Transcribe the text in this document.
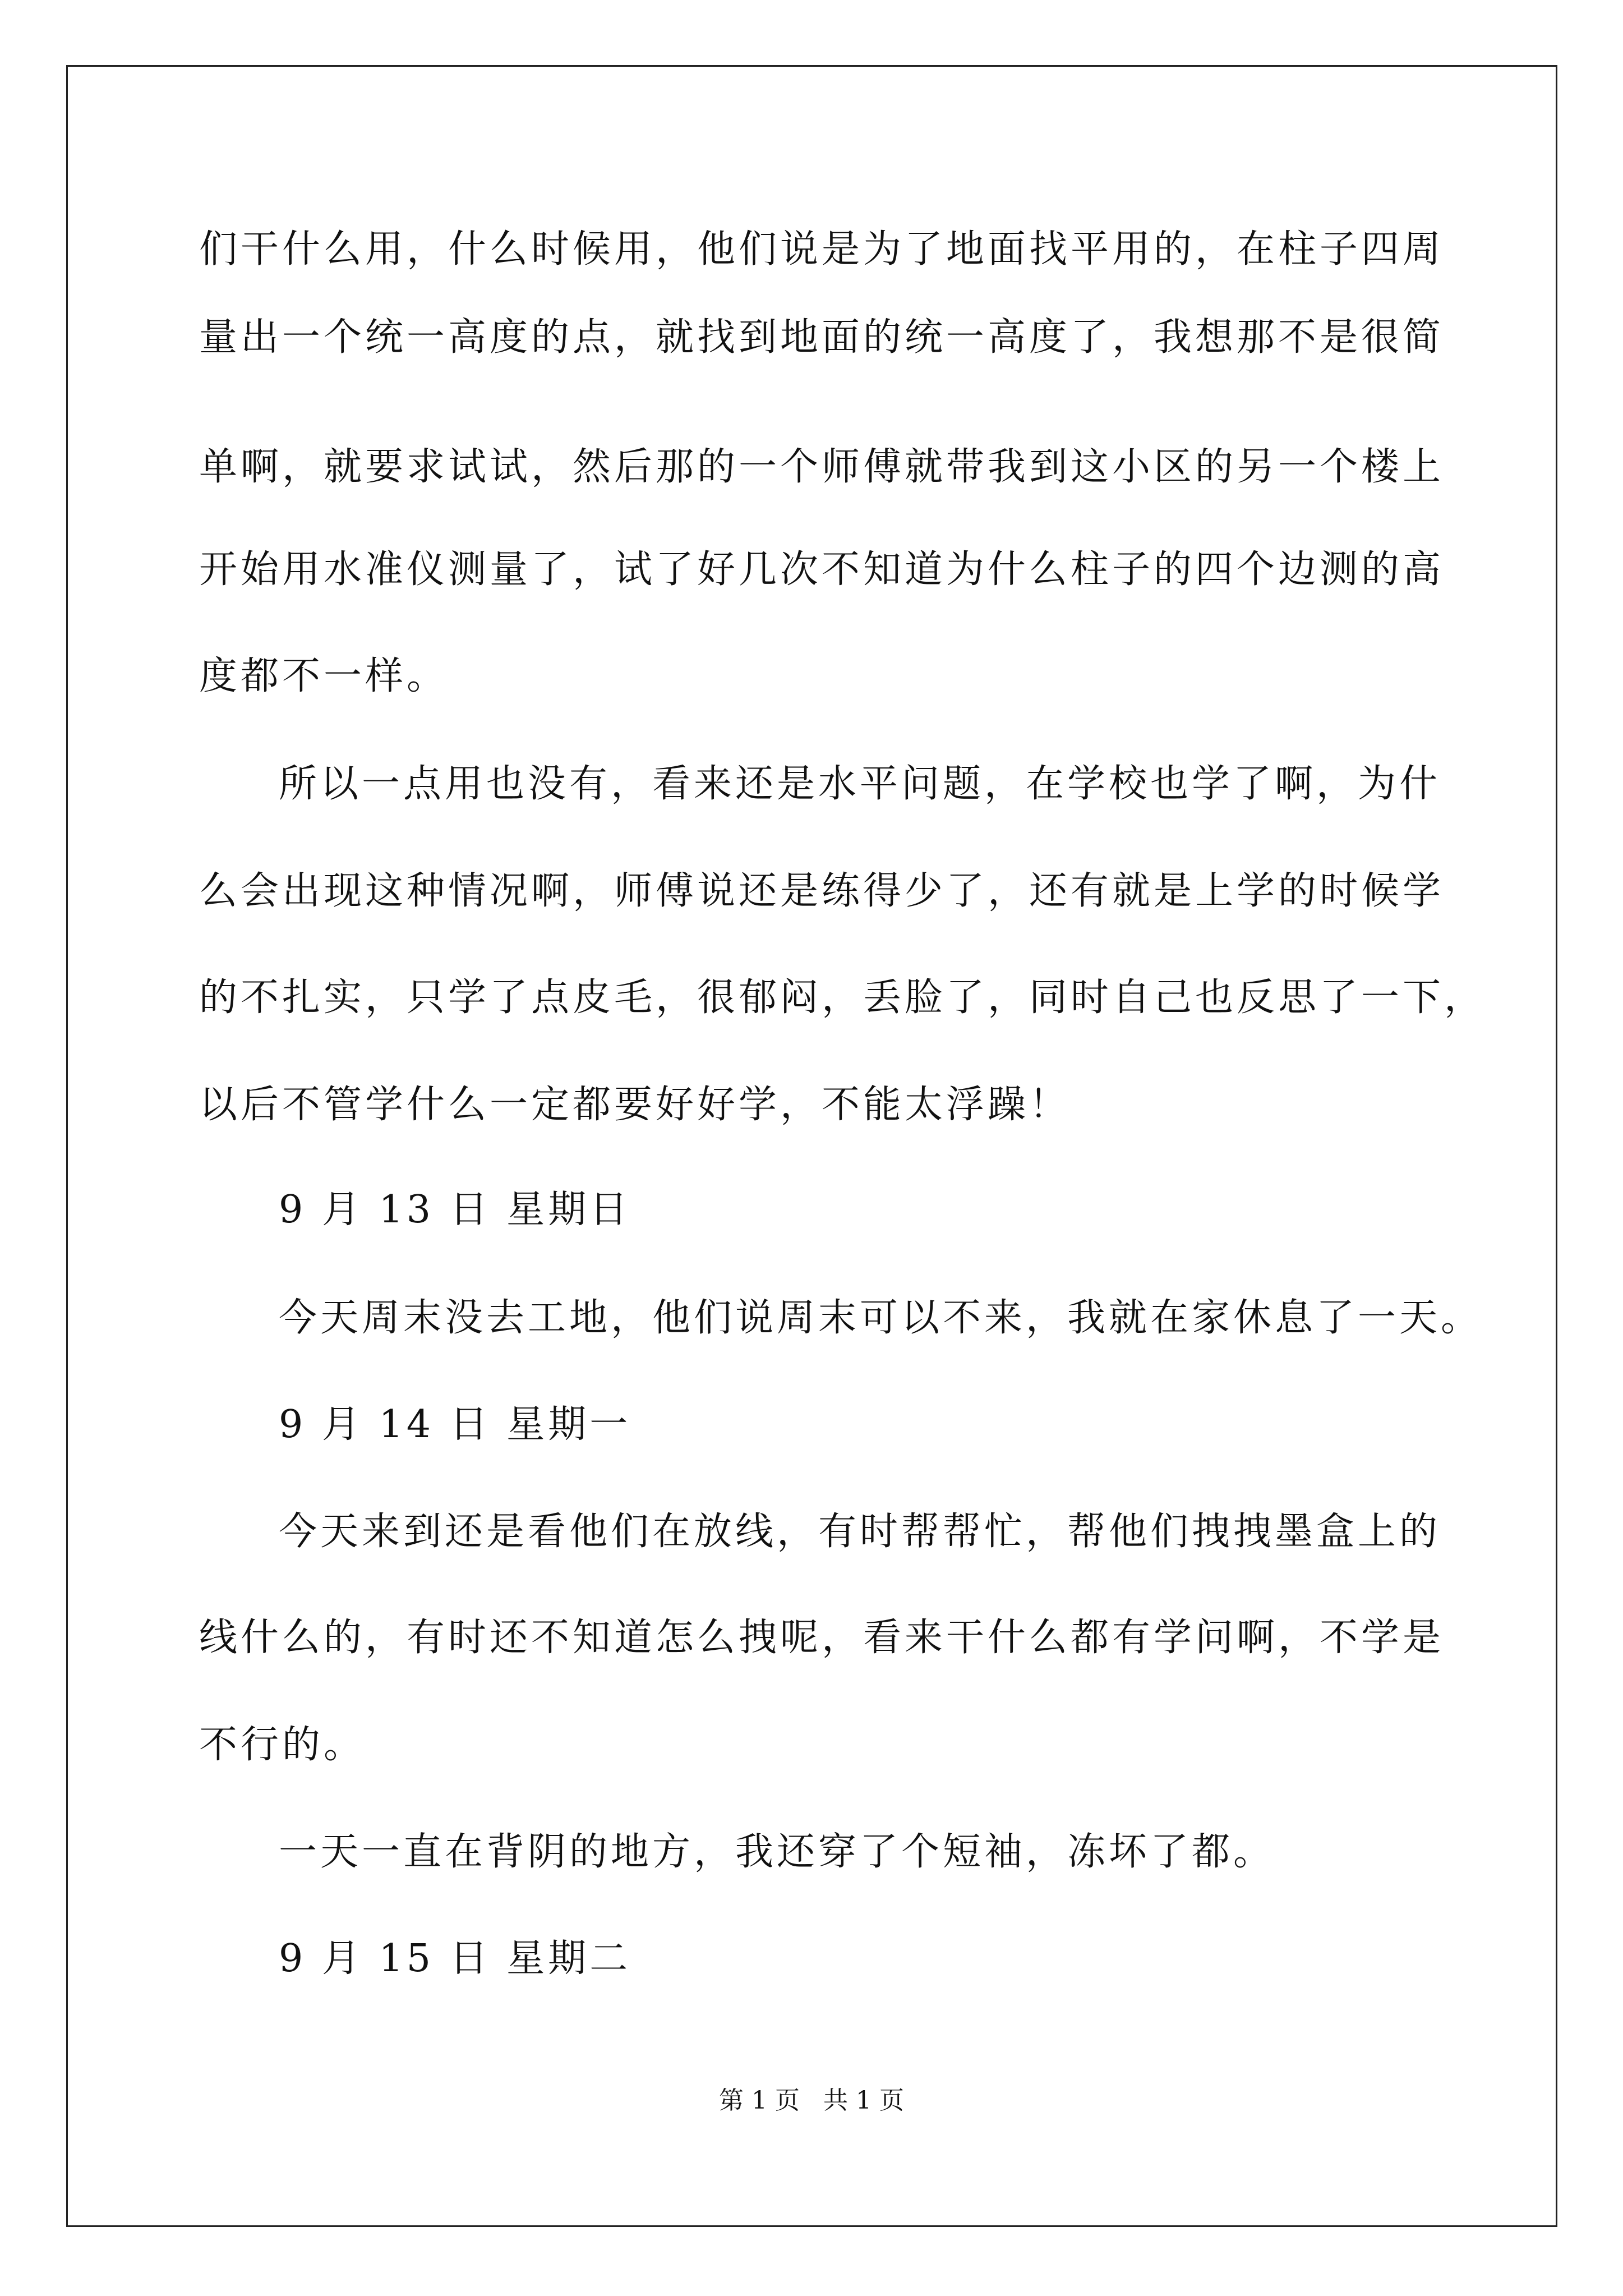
们干什么用，什么时候用，他们说是为了地面找平用的，在柱子四周
量出一个统一高度的点，就找到地面的统一高度了，我想那不是很简
单啊，就要求试试，然后那的一个师傅就带我到这小区的另一个楼上
开始用水准仪测量了，试了好几次不知道为什么柱子的四个边测的高
度都不一样。
所以一点用也没有，看来还是水平问题，在学校也学了啊，为什
么会出现这种情况啊，师傅说还是练得少了，还有就是上学的时候学
的不扎实，只学了点皮毛，很郁闷，丢脸了，同时自己也反思了一下，
以后不管学什么一定都要好好学，不能太浮躁！
9 月 13 日 星期日
今天周末没去工地，他们说周末可以不来，我就在家休息了一天。
9 月 14 日 星期一
今天来到还是看他们在放线，有时帮帮忙，帮他们拽拽墨盒上的
线什么的，有时还不知道怎么拽呢，看来干什么都有学问啊，不学是
不行的。
一天一直在背阴的地方，我还穿了个短袖，冻坏了都。
9 月 15 日 星期二
第 1 页   共 1 页
